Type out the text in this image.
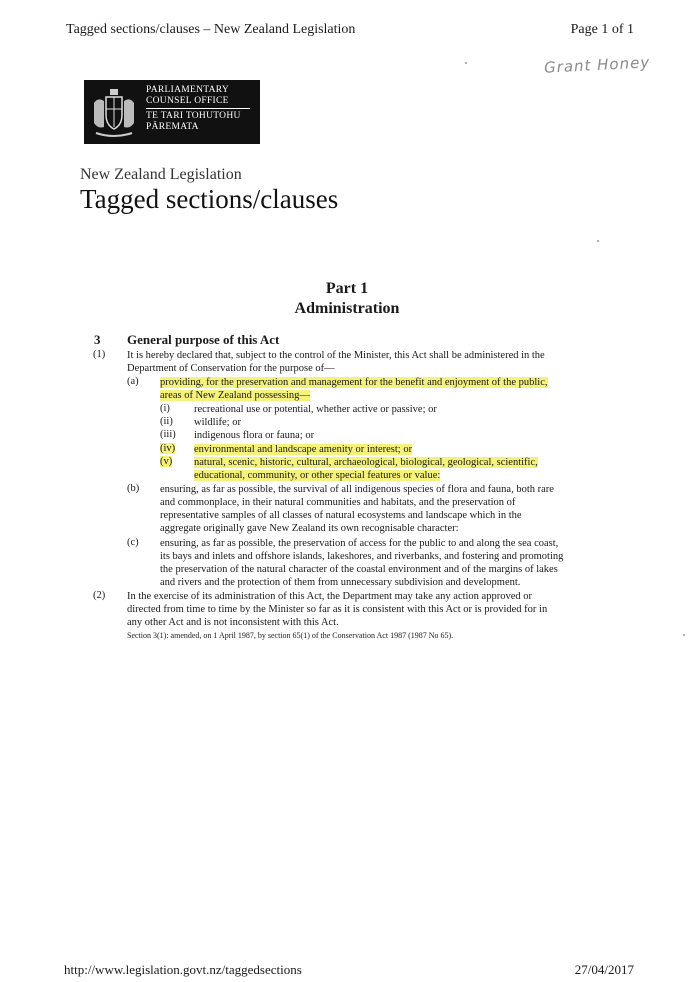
Tagged sections/clauses – New Zealand Legislation	Page 1 of 1
Grant Honey
PARLIAMENTARY
COUNSEL OFFICE
TE TARI TOHUTOHU
PĀREMATA
New Zealand Legislation
Tagged sections/clauses
Part 1
Administration
3 General purpose of this Act
(1) It is hereby declared that, subject to the control of the Minister, this Act shall be administered in the
Department of Conservation for the purpose of—
(a) providing, for the preservation and management for the benefit and enjoyment of the public,
areas of New Zealand possessing—
(i) recreational use or potential, whether active or passive; or
(ii) wildlife; or
(iii) indigenous flora or fauna; or
(iv) environmental and landscape amenity or interest; or
(v) natural, scenic, historic, cultural, archaeological, biological, geological, scientific,
educational, community, or other special features or value:
(b) ensuring, as far as possible, the survival of all indigenous species of flora and fauna, both rare
and commonplace, in their natural communities and habitats, and the preservation of
representative samples of all classes of natural ecosystems and landscape which in the
aggregate originally gave New Zealand its own recognisable character:
(c) ensuring, as far as possible, the preservation of access for the public to and along the sea coast,
its bays and inlets and offshore islands, lakeshores, and riverbanks, and fostering and promoting
the preservation of the natural character of the coastal environment and of the margins of lakes
and rivers and the protection of them from unnecessary subdivision and development.
(2) In the exercise of its administration of this Act, the Department may take any action approved or
directed from time to time by the Minister so far as it is consistent with this Act or is provided for in
any other Act and is not inconsistent with this Act.
Section 3(1): amended, on 1 April 1987, by section 65(1) of the Conservation Act 1987 (1987 No 65).
http://www.legislation.govt.nz/taggedsections	27/04/2017
